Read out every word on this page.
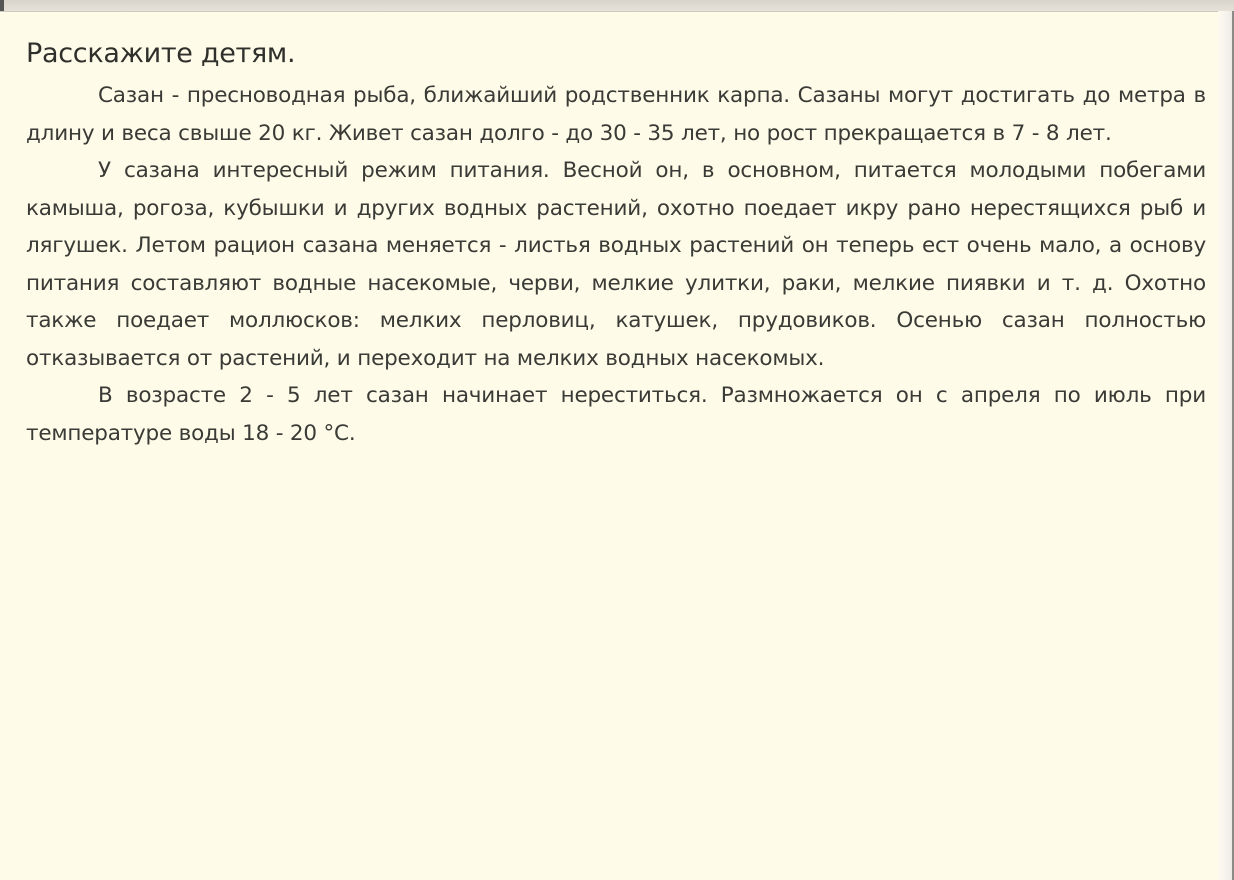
Расскажите детям.

Сазан - пресноводная рыба, ближайший родственник карпа. Сазаны могут достигать до метра в длину и веса свыше 20 кг. Живет сазан долго - до 30 - 35 лет, но рост прекращается в 7 - 8 лет.

У сазана интересный режим питания. Весной он, в основном, питается молодыми побегами камыша, рогоза, кубышки и других водных растений, охотно поедает икру рано нерестящихся рыб и лягушек. Летом рацион сазана меняется - листья водных растений он теперь ест очень мало, а основу питания составляют водные насекомые, черви, мелкие улитки, раки, мелкие пиявки и т. д. Охотно также поедает моллюсков: мелких перловиц, катушек, прудовиков. Осенью сазан полностью отказывается от растений, и переходит на мелких водных насекомых.

В возрасте 2 - 5 лет сазан начинает нереститься. Размножается он с апреля по июль при температуре воды 18 - 20 °С.
